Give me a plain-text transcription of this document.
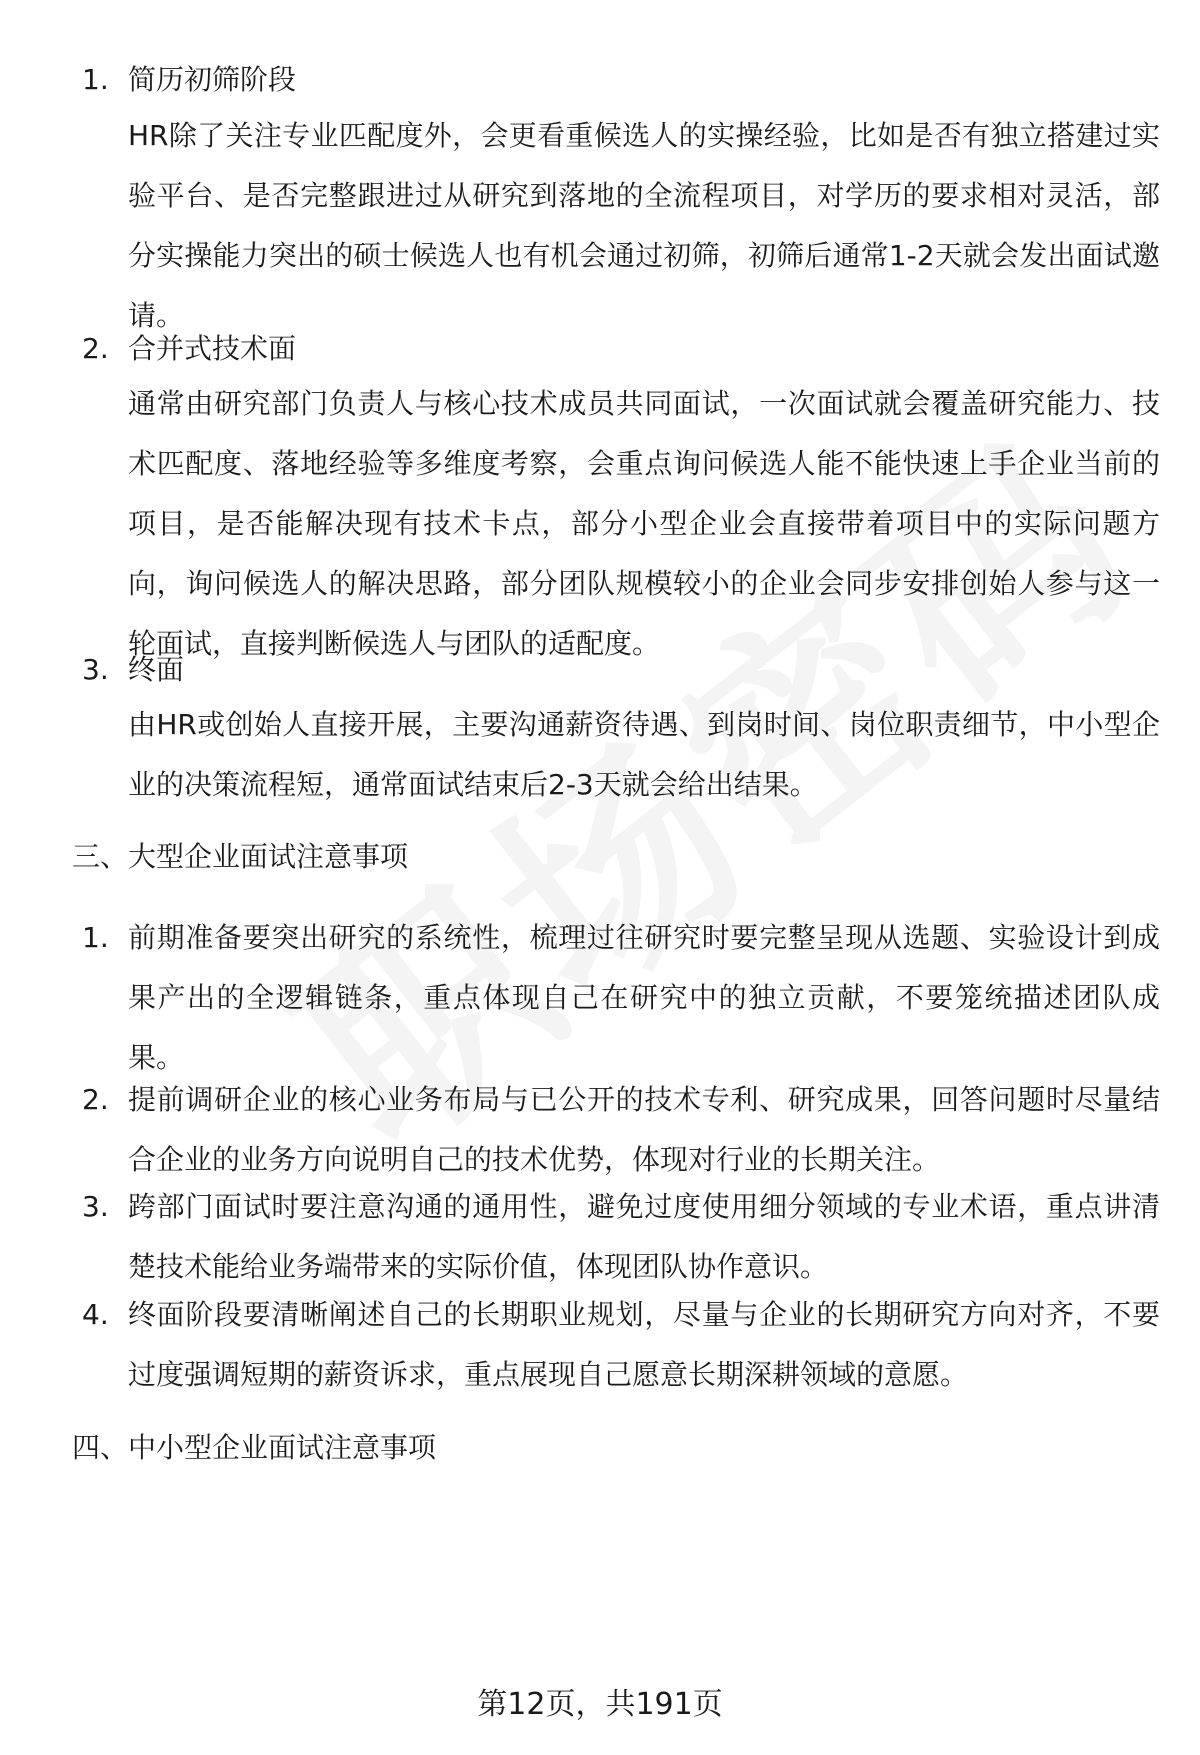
1. 简历初筛阶段
HR除了关注专业匹配度外，会更看重候选人的实操经验，比如是否有独立搭建过实验平台、是否完整跟进过从研究到落地的全流程项目，对学历的要求相对灵活，部分实操能力突出的硕士候选人也有机会通过初筛，初筛后通常1-2天就会发出面试邀请。
2. 合并式技术面
通常由研究部门负责人与核心技术成员共同面试，一次面试就会覆盖研究能力、技术匹配度、落地经验等多维度考察，会重点询问候选人能不能快速上手企业当前的项目，是否能解决现有技术卡点，部分小型企业会直接带着项目中的实际问题方向，询问候选人的解决思路，部分团队规模较小的企业会同步安排创始人参与这一轮面试，直接判断候选人与团队的适配度。
3. 终面
由HR或创始人直接开展，主要沟通薪资待遇、到岗时间、岗位职责细节，中小型企业的决策流程短，通常面试结束后2-3天就会给出结果。
三、大型企业面试注意事项
1. 前期准备要突出研究的系统性，梳理过往研究时要完整呈现从选题、实验设计到成果产出的全逻辑链条，重点体现自己在研究中的独立贡献，不要笼统描述团队成果。
2. 提前调研企业的核心业务布局与已公开的技术专利、研究成果，回答问题时尽量结合企业的业务方向说明自己的技术优势，体现对行业的长期关注。
3. 跨部门面试时要注意沟通的通用性，避免过度使用细分领域的专业术语，重点讲清楚技术能给业务端带来的实际价值，体现团队协作意识。
4. 终面阶段要清晰阐述自己的长期职业规划，尽量与企业的长期研究方向对齐，不要过度强调短期的薪资诉求，重点展现自己愿意长期深耕领域的意愿。
四、中小型企业面试注意事项
第12页，共191页
